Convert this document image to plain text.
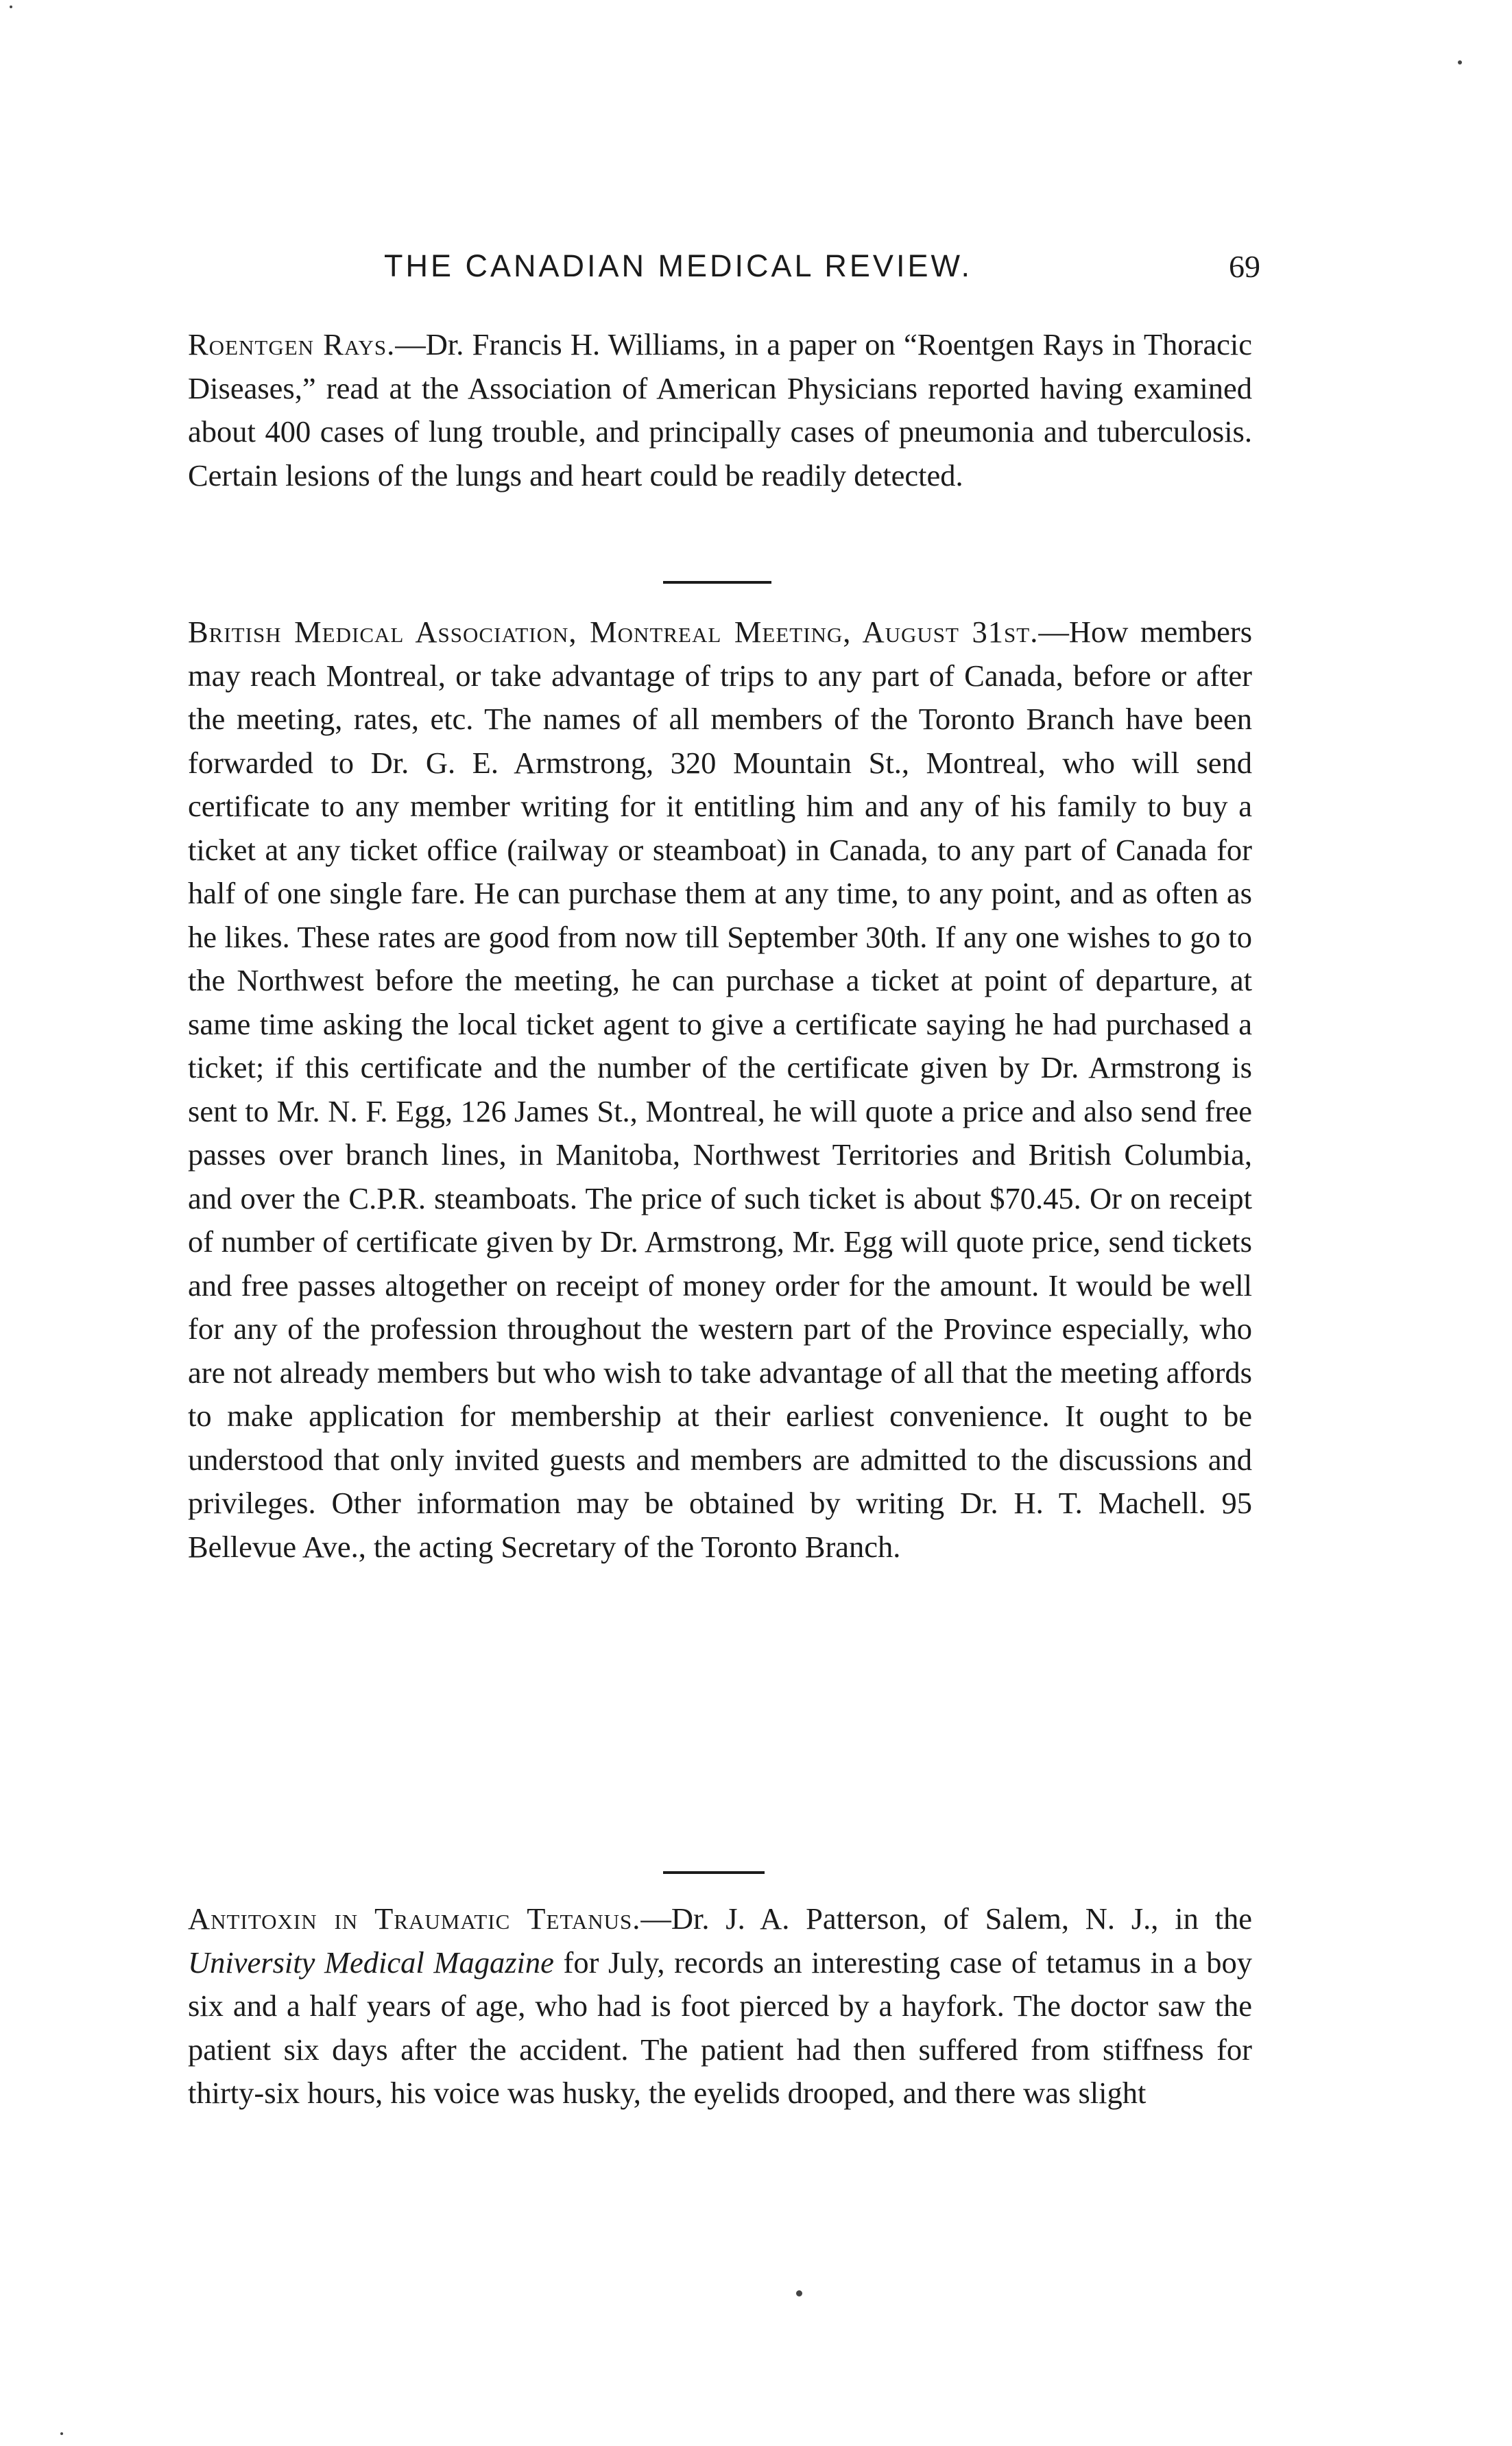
THE CANADIAN MEDICAL REVIEW.	69
Roentgen Rays.—Dr. Francis H. Williams, in a paper on “Roentgen Rays in Thoracic Diseases,” read at the Association of American Physicians reported having examined about 400 cases of lung trouble, and principally cases of pneumonia and tuberculosis. Certain lesions of the lungs and heart could be readily detected.
British Medical Association, Montreal Meeting, August 31st.—How members may reach Montreal, or take advantage of trips to any part of Canada, before or after the meeting, rates, etc. The names of all members of the Toronto Branch have been forwarded to Dr. G. E. Armstrong, 320 Mountain St., Montreal, who will send certificate to any member writing for it entitling him and any of his family to buy a ticket at any ticket office (railway or steamboat) in Canada, to any part of Canada for half of one single fare. He can purchase them at any time, to any point, and as often as he likes. These rates are good from now till September 30th. If any one wishes to go to the Northwest before the meeting, he can purchase a ticket at point of departure, at same time asking the local ticket agent to give a certificate saying he had purchased a ticket; if this certificate and the number of the certificate given by Dr. Armstrong is sent to Mr. N. F. Egg, 126 James St., Montreal, he will quote a price and also send free passes over branch lines, in Manitoba, Northwest Territories and British Columbia, and over the C.P.R. steamboats. The price of such ticket is about $70.45. Or on receipt of number of certificate given by Dr. Armstrong, Mr. Egg will quote price, send tickets and free passes altogether on receipt of money order for the amount. It would be well for any of the profession throughout the western part of the Province especially, who are not already members but who wish to take advantage of all that the meeting affords to make application for membership at their earliest convenience. It ought to be understood that only invited guests and members are admitted to the discussions and privileges. Other information may be obtained by writing Dr. H. T. Machell. 95 Bellevue Ave., the acting Secretary of the Toronto Branch.
Antitoxin in Traumatic Tetanus.—Dr. J. A. Patterson, of Salem, N. J., in the University Medical Magazine for July, records an interesting case of tetamus in a boy six and a half years of age, who had is foot pierced by a hayfork. The doctor saw the patient six days after the accident. The patient had then suffered from stiffness for thirty-six hours, his voice was husky, the eyelids drooped, and there was slight
